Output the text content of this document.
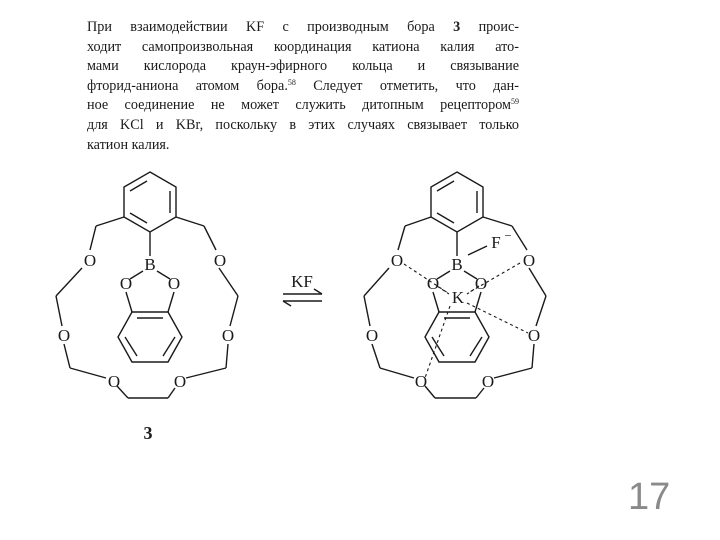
При взаимодействии KF с производным бора 3 проис-
ходит самопроизвольная координация катиона калия ато-
мами кислорода краун-эфирного кольца и связывание
фторид-аниона атомом бора.$^{58}$ Следует отметить, что дан-
ное соединение не может служить дитопным рецептором$^{59}$
для KCl и KBr, поскольку в этих случаях связывает только
катион калия.
B
O	O
O O
O	O
O	O
3
KF
B
O	O
O O
O	O
O	O
F −
K
17
